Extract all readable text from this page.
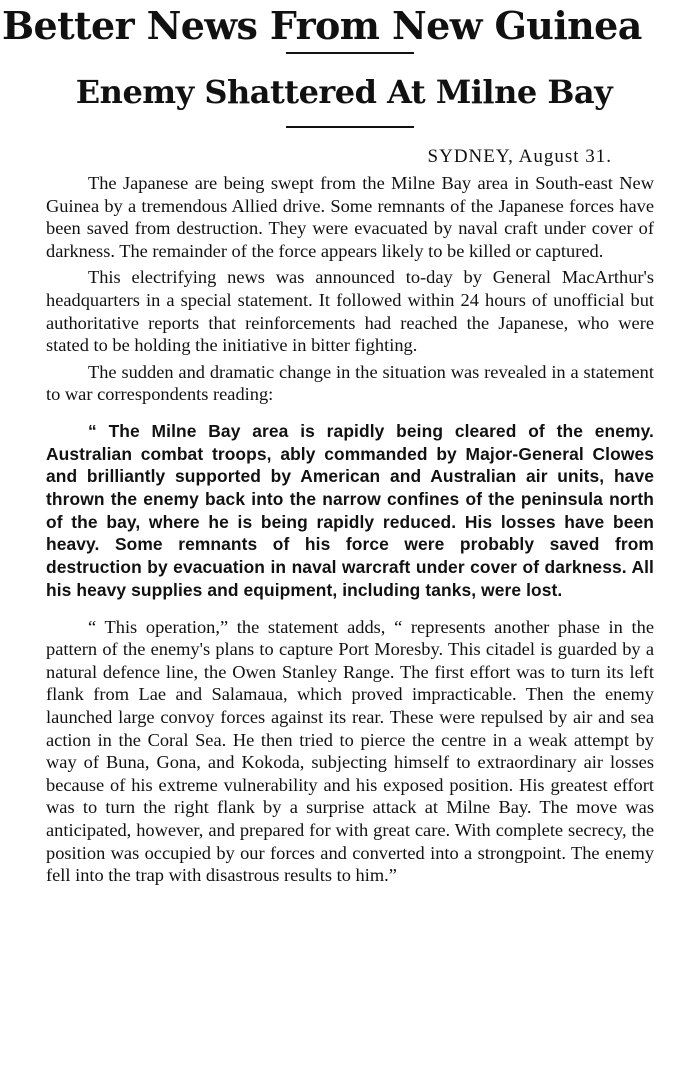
Better News From New Guinea
Enemy Shattered At Milne Bay
SYDNEY, August 31.

The Japanese are being swept from the Milne Bay area in South-east New Guinea by a tremendous Allied drive. Some remnants of the Japanese forces have been saved from destruction. They were evacuated by naval craft under cover of darkness. The remainder of the force appears likely to be killed or captured.

This electrifying news was announced to-day by General MacArthur's headquarters in a special statement. It followed within 24 hours of unofficial but authoritative reports that reinforcements had reached the Japanese, who were stated to be holding the initiative in bitter fighting.

The sudden and dramatic change in the situation was revealed in a statement to war correspondents reading:

“ The Milne Bay area is rapidly being cleared of the enemy. Australian combat troops, ably commanded by Major-General Clowes and brilliantly supported by American and Australian air units, have thrown the enemy back into the narrow confines of the peninsula north of the bay, where he is being rapidly reduced. His losses have been heavy. Some remnants of his force were probably saved from destruction by evacuation in naval warcraft under cover of darkness. All his heavy supplies and equipment, including tanks, were lost.

“ This operation,” the statement adds, “ represents another phase in the pattern of the enemy's plans to capture Port Moresby. This citadel is guarded by a natural defence line, the Owen Stanley Range. The first effort was to turn its left flank from Lae and Salamaua, which proved impracticable. Then the enemy launched large convoy forces against its rear. These were repulsed by air and sea action in the Coral Sea. He then tried to pierce the centre in a weak attempt by way of Buna, Gona, and Kokoda, subjecting himself to extraordinary air losses because of his extreme vulnerability and his exposed position. His greatest effort was to turn the right flank by a surprise attack at Milne Bay. The move was anticipated, however, and prepared for with great care. With complete secrecy, the position was occupied by our forces and converted into a strongpoint. The enemy fell into the trap with disastrous results to him.”
